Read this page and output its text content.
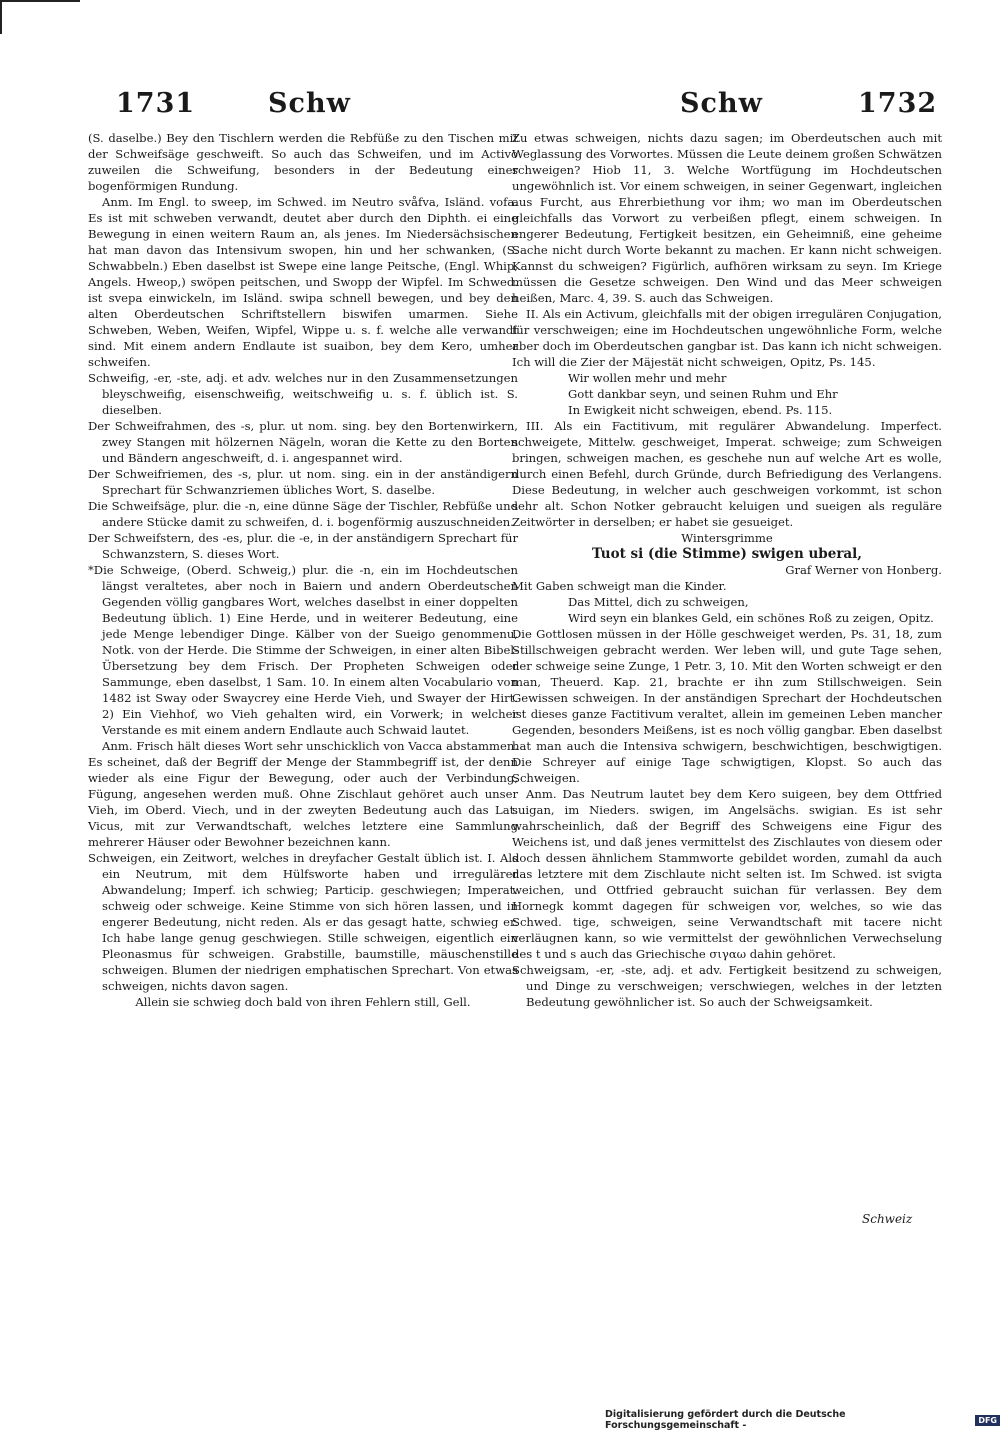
1731	Schw	Schw	1732

(S. daselbe.) Bey den Tischlern werden die Rebfüße zu den Tischen mit der Schweifsäge geschweift. So auch das Schweifen, und im Activo zuweilen die Schweifung, besonders in der Bedeutung einer bogenförmigen Rundung.

Anm. Im Engl. to sweep, im Schwed. im Neutro svåfva, Isländ. vofa. Es ist mit schweben verwandt, deutet aber durch den Diphth. ei eine Bewegung in einen weitern Raum an, als jenes. Im Niedersächsischen hat man davon das Intensivum swopen, hin und her schwanken, (S. Schwabbeln.) Eben daselbst ist Swepe eine lange Peitsche, (Engl. Whip, Angels. Hweop,) swöpen peitschen, und Swopp der Wipfel. Im Schwed. ist svepa einwickeln, im Isländ. swipa schnell bewegen, und bey den alten Oberdeutschen Schriftstellern biswifen umarmen. Siehe Schweben, Weben, Weifen, Wipfel, Wippe u. s. f. welche alle verwandt sind. Mit einem andern Endlaute ist suaibon, bey dem Kero, umher schweifen.

Schweifig, -er, -ste, adj. et adv. welches nur in den Zusammensetzungen bleyschweifig, eisenschweifig, weitschweifig u. s. f. üblich ist. S. dieselben.

Der Schweifrahmen, des -s, plur. ut nom. sing. bey den Bortenwirkern, zwey Stangen mit hölzernen Nägeln, woran die Kette zu den Borten und Bändern angeschweift, d. i. angespannet wird.

Der Schweifriemen, des -s, plur. ut nom. sing. ein in der anständigern Sprechart für Schwanzriemen übliches Wort, S. daselbe.

Die Schweifsäge, plur. die -n, eine dünne Säge der Tischler, Rebfüße und andere Stücke damit zu schweifen, d. i. bogenförmig auszuschneiden.

Der Schweifstern, des -es, plur. die -e, in der anständigern Sprechart für Schwanzstern, S. dieses Wort.

*Die Schweige, (Oberd. Schweig,) plur. die -n, ein im Hochdeutschen längst veraltetes, aber noch in Baiern und andern Oberdeutschen Gegenden völlig gangbares Wort, welches daselbst in einer doppelten Bedeutung üblich. 1) Eine Herde, und in weiterer Bedeutung, eine jede Menge lebendiger Dinge. Kälber von der Sueigo genommenu, Notk. von der Herde. Die Stimme der Schweigen, in einer alten Bibel-Übersetzung bey dem Frisch. Der Propheten Schweigen oder Sammunge, eben daselbst, 1 Sam. 10. In einem alten Vocabulario von 1482 ist Sway oder Swaycrey eine Herde Vieh, und Swayer der Hirt. 2) Ein Viehhof, wo Vieh gehalten wird, ein Vorwerk; in welcher Verstande es mit einem andern Endlaute auch Schwaid lautet.

Anm. Frisch hält dieses Wort sehr unschicklich von Vacca abstammen. Es scheinet, daß der Begriff der Menge der Stammbegriff ist, der denn wieder als eine Figur der Bewegung, oder auch der Verbindung, Fügung, angesehen werden muß. Ohne Zischlaut gehöret auch unser Vieh, im Oberd. Viech, und in der zweyten Bedeutung auch das Lat. Vicus, mit zur Verwandtschaft, welches letztere eine Sammlung mehrerer Häuser oder Bewohner bezeichnen kann.

Schweigen, ein Zeitwort, welches in dreyfacher Gestalt üblich ist. I. Als ein Neutrum, mit dem Hülfsworte haben und irregulärer Abwandelung; Imperf. ich schwieg; Particip. geschwiegen; Imperat. schweig oder schweige. Keine Stimme von sich hören lassen, und in engerer Bedeutung, nicht reden. Als er das gesagt hatte, schwieg er. Ich habe lange genug geschwiegen. Stille schweigen, eigentlich ein Pleonasmus für schweigen. Grabstille, baumstille, mäuschenstille schweigen. Blumen der niedrigen emphatischen Sprechart. Von etwas schweigen, nichts davon sagen.

Allein sie schwieg doch bald von ihren Fehlern still, Gell.

Zu etwas schweigen, nichts dazu sagen; im Oberdeutschen auch mit Weglassung des Vorwortes. Müssen die Leute deinem großen Schwätzen schweigen? Hiob 11, 3. Welche Wortfügung im Hochdeutschen ungewöhnlich ist. Vor einem schweigen, in seiner Gegenwart, ingleichen aus Furcht, aus Ehrerbiethung vor ihm; wo man im Oberdeutschen gleichfalls das Vorwort zu verbeißen pflegt, einem schweigen. In engerer Bedeutung, Fertigkeit besitzen, ein Geheimniß, eine geheime Sache nicht durch Worte bekannt zu machen. Er kann nicht schweigen. Kannst du schweigen? Figürlich, aufhören wirksam zu seyn. Im Kriege müssen die Gesetze schweigen. Den Wind und das Meer schweigen heißen, Marc. 4, 39. S. auch das Schweigen.

II. Als ein Activum, gleichfalls mit der obigen irregulären Conjugation, für verschweigen; eine im Hochdeutschen ungewöhnliche Form, welche aber doch im Oberdeutschen gangbar ist. Das kann ich nicht schweigen. Ich will die Zier der Mäjestät nicht schweigen, Opitz, Ps. 145.

Wir wollen mehr und mehr

Gott dankbar seyn, und seinen Ruhm und Ehr

In Ewigkeit nicht schweigen, ebend. Ps. 115.

III. Als ein Factitivum, mit regulärer Abwandelung. Imperfect. schweigete, Mittelw. geschweiget, Imperat. schweige; zum Schweigen bringen, schweigen machen, es geschehe nun auf welche Art es wolle, durch einen Befehl, durch Gründe, durch Befriedigung des Verlangens. Diese Bedeutung, in welcher auch geschweigen vorkommt, ist schon sehr alt. Schon Notker gebraucht keluigen und sueigen als reguläre Zeitwörter in derselben; er habet sie gesueiget.

Wintersgrimme

Tuot si (die Stimme) swigen uberal,

Graf Werner von Honberg.

Mit Gaben schweigt man die Kinder.

Das Mittel, dich zu schweigen,

Wird seyn ein blankes Geld, ein schönes Roß zu zeigen, Opitz.

Die Gottlosen müssen in der Hölle geschweiget werden, Ps. 31, 18, zum Stillschweigen gebracht werden. Wer leben will, und gute Tage sehen, der schweige seine Zunge, 1 Petr. 3, 10. Mit den Worten schweigt er den man, Theuerd. Kap. 21, brachte er ihn zum Stillschweigen. Sein Gewissen schweigen. In der anständigen Sprechart der Hochdeutschen ist dieses ganze Factitivum veraltet, allein im gemeinen Leben mancher Gegenden, besonders Meißens, ist es noch völlig gangbar. Eben daselbst hat man auch die Intensiva schwigern, beschwichtigen, beschwigtigen. Die Schreyer auf einige Tage schwigtigen, Klopst. So auch das Schweigen.

Anm. Das Neutrum lautet bey dem Kero suigeen, bey dem Ottfried suigan, im Nieders. swigen, im Angelsächs. swigian. Es ist sehr wahrscheinlich, daß der Begriff des Schweigens eine Figur des Weichens ist, und daß jenes vermittelst des Zischlautes von diesem oder doch dessen ähnlichem Stammworte gebildet worden, zumahl da auch das letztere mit dem Zischlaute nicht selten ist. Im Schwed. ist svigta weichen, und Ottfried gebraucht suichan für verlassen. Bey dem Hornegk kommt dagegen für schweigen vor, welches, so wie das Schwed. tige, schweigen, seine Verwandtschaft mit tacere nicht verläugnen kann, so wie vermittelst der gewöhnlichen Verwechselung des t und s auch das Griechische σιγαω dahin gehöret.

Schweigsam, -er, -ste, adj. et adv. Fertigkeit besitzend zu schweigen, und Dinge zu verschweigen; verschwiegen, welches in der letzten Bedeutung gewöhnlicher ist. So auch der Schweigsamkeit.

Schweiz
Digitalisierung gefördert durch die Deutsche Forschungsgemeinschaft -	DFG
